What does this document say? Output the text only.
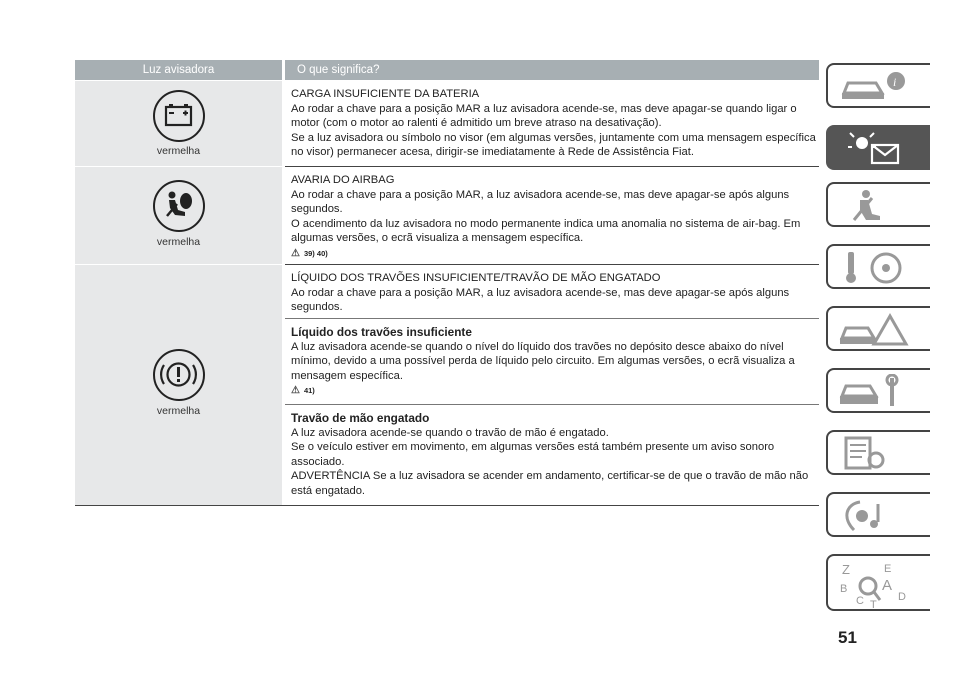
Luz avisadora	O que significa?
vermelha

CARGA INSUFICIENTE DA BATERIA

Ao rodar a chave para a posição MAR a luz avisadora acende-se, mas deve apagar-se quando ligar o motor (com o motor ao ralenti é admitido um breve atraso na desativação).
Se a luz avisadora ou símbolo no visor (em algumas versões, juntamente com uma mensagem específica no visor) permanecer acesa, dirigir-se imediatamente à Rede de Assistência Fiat.

vermelha

AVARIA DO AIRBAG

Ao rodar a chave para a posição MAR, a luz avisadora acende-se, mas deve apagar-se após alguns segundos.
O acendimento da luz avisadora no modo permanente indica uma anomalia no sistema de air-bag. Em algumas versões, o ecrã visualiza a mensagem específica.

⚠ 39) 40)
vermelha

LÍQUIDO DOS TRAVÕES INSUFICIENTE/TRAVÃO DE MÃO ENGATADO

Ao rodar a chave para a posição MAR, a luz avisadora acende-se, mas deve apagar-se após alguns segundos.

Líquido dos travões insuficiente

A luz avisadora acende-se quando o nível do líquido dos travões no depósito desce abaixo do nível mínimo, devido a uma possível perda de líquido pelo circuito. Em algumas versões, o ecrã visualiza a mensagem específica.

⚠ 41)

Travão de mão engatado

A luz avisadora acende-se quando o travão de mão é engatado.
Se o veículo estiver em movimento, em algumas versões está também presente um aviso sonoro associado.
ADVERTÊNCIA Se a luz avisadora se acender em andamento, certificar-se de que o travão de mão não está engatado.

i
Z	E
B A
C T
D
51
